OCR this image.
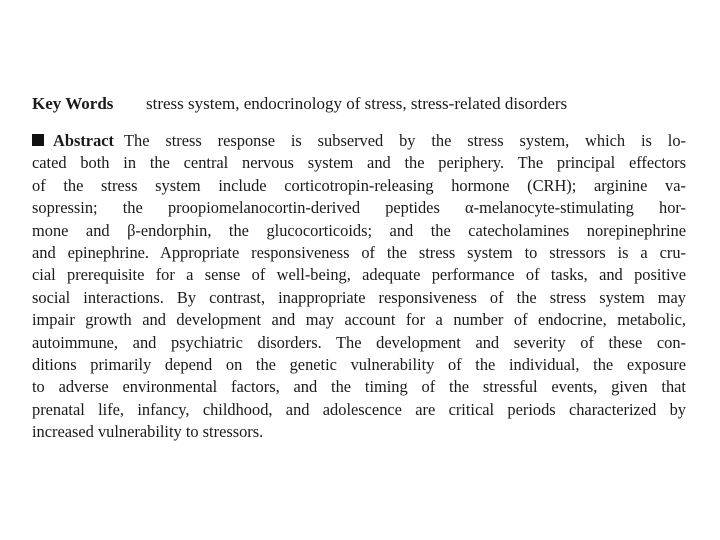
Key Words stress system, endocrinology of stress, stress-related disorders
Abstract The stress response is subserved by the stress system, which is lo-
cated both in the central nervous system and the periphery. The principal effectors
of the stress system include corticotropin-releasing hormone (CRH); arginine va-
sopressin; the proopiomelanocortin-derived peptides α-melanocyte-stimulating hor-
mone and β-endorphin, the glucocorticoids; and the catecholamines norepinephrine
and epinephrine. Appropriate responsiveness of the stress system to stressors is a cru-
cial prerequisite for a sense of well-being, adequate performance of tasks, and positive
social interactions. By contrast, inappropriate responsiveness of the stress system may
impair growth and development and may account for a number of endocrine, metabolic,
autoimmune, and psychiatric disorders. The development and severity of these con-
ditions primarily depend on the genetic vulnerability of the individual, the exposure
to adverse environmental factors, and the timing of the stressful events, given that
prenatal life, infancy, childhood, and adolescence are critical periods characterized by
increased vulnerability to stressors.
